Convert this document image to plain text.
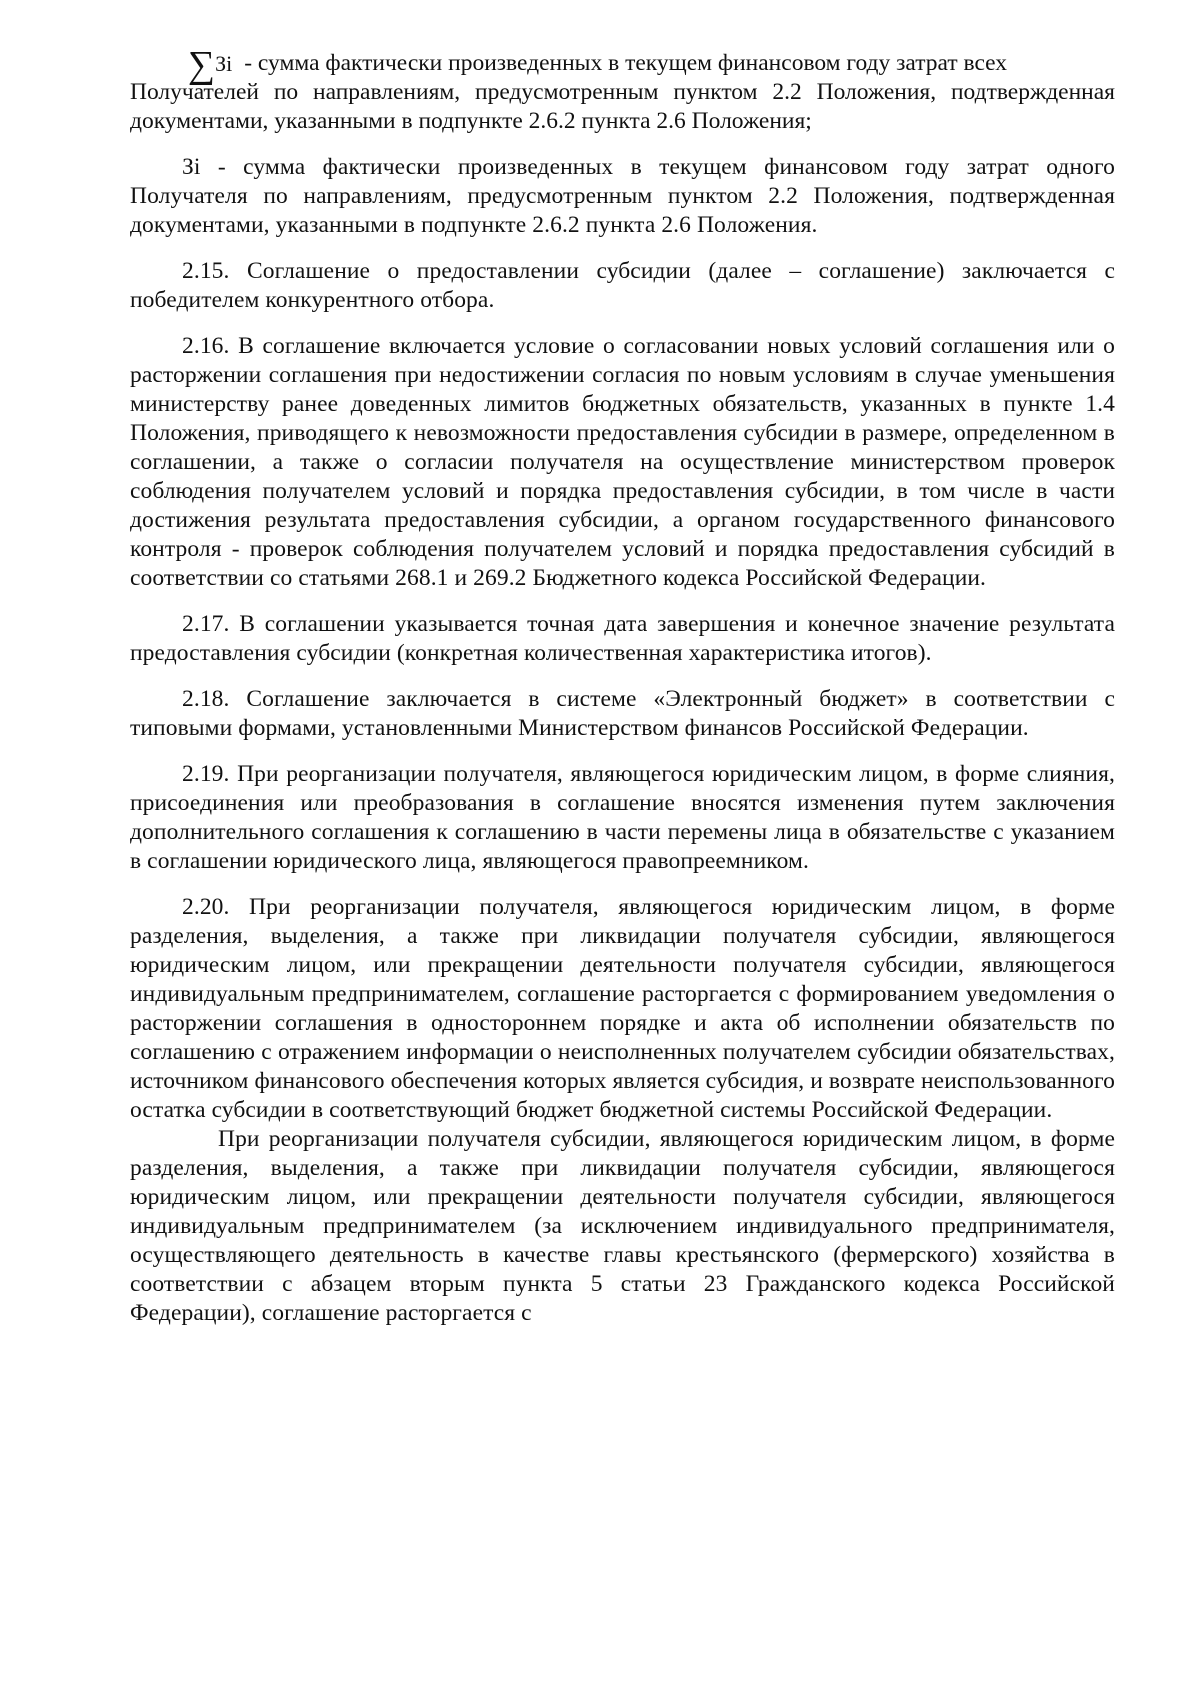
∑ Зi - сумма фактически произведенных в текущем финансовом году затрат всех

Получателей по направлениям, предусмотренным пунктом 2.2 Положения, подтвержденная документами, указанными в подпункте 2.6.2 пункта 2.6 Положения;

Зi - сумма фактически произведенных в текущем финансовом году затрат одного Получателя по направлениям, предусмотренным пунктом 2.2 Положения, подтвержденная документами, указанными в подпункте 2.6.2 пункта 2.6 Положения.

2.15. Соглашение о предоставлении субсидии (далее – соглашение) заключается с победителем конкурентного отбора.

2.16. В соглашение включается условие о согласовании новых условий соглашения или о расторжении соглашения при недостижении согласия по новым условиям в случае уменьшения министерству ранее доведенных лимитов бюджетных обязательств, указанных в пункте 1.4 Положения, приводящего к невозможности предоставления субсидии в размере, определенном в соглашении, а также о согласии получателя на осуществление министерством проверок соблюдения получателем условий и порядка предоставления субсидии, в том числе в части достижения результата предоставления субсидии, а органом государственного финансового контроля - проверок соблюдения получателем условий и порядка предоставления субсидий в соответствии со статьями 268.1 и 269.2 Бюджетного кодекса Российской Федерации.

2.17. В соглашении указывается точная дата завершения и конечное значение результата предоставления субсидии (конкретная количественная характеристика итогов).

2.18. Соглашение заключается в системе «Электронный бюджет» в соответствии с типовыми формами, установленными Министерством финансов Российской Федерации.

2.19. При реорганизации получателя, являющегося юридическим лицом, в форме слияния, присоединения или преобразования в соглашение вносятся изменения путем заключения дополнительного соглашения к соглашению в части перемены лица в обязательстве с указанием в соглашении юридического лица, являющегося правопреемником.

2.20. При реорганизации получателя, являющегося юридическим лицом, в форме разделения, выделения, а также при ликвидации получателя субсидии, являющегося юридическим лицом, или прекращении деятельности получателя субсидии, являющегося индивидуальным предпринимателем, соглашение расторгается с формированием уведомления о расторжении соглашения в одностороннем порядке и акта об исполнении обязательств по соглашению с отражением информации о неисполненных получателем субсидии обязательствах, источником финансового обеспечения которых является субсидия, и возврате неиспользованного остатка субсидии в соответствующий бюджет бюджетной системы Российской Федерации.

При реорганизации получателя субсидии, являющегося юридическим лицом, в форме разделения, выделения, а также при ликвидации получателя субсидии, являющегося юридическим лицом, или прекращении деятельности получателя субсидии, являющегося индивидуальным предпринимателем (за исключением индивидуального предпринимателя, осуществляющего деятельность в качестве главы крестьянского (фермерского) хозяйства в соответствии с абзацем вторым пункта 5 статьи 23 Гражданского кодекса Российской Федерации), соглашение расторгается с
